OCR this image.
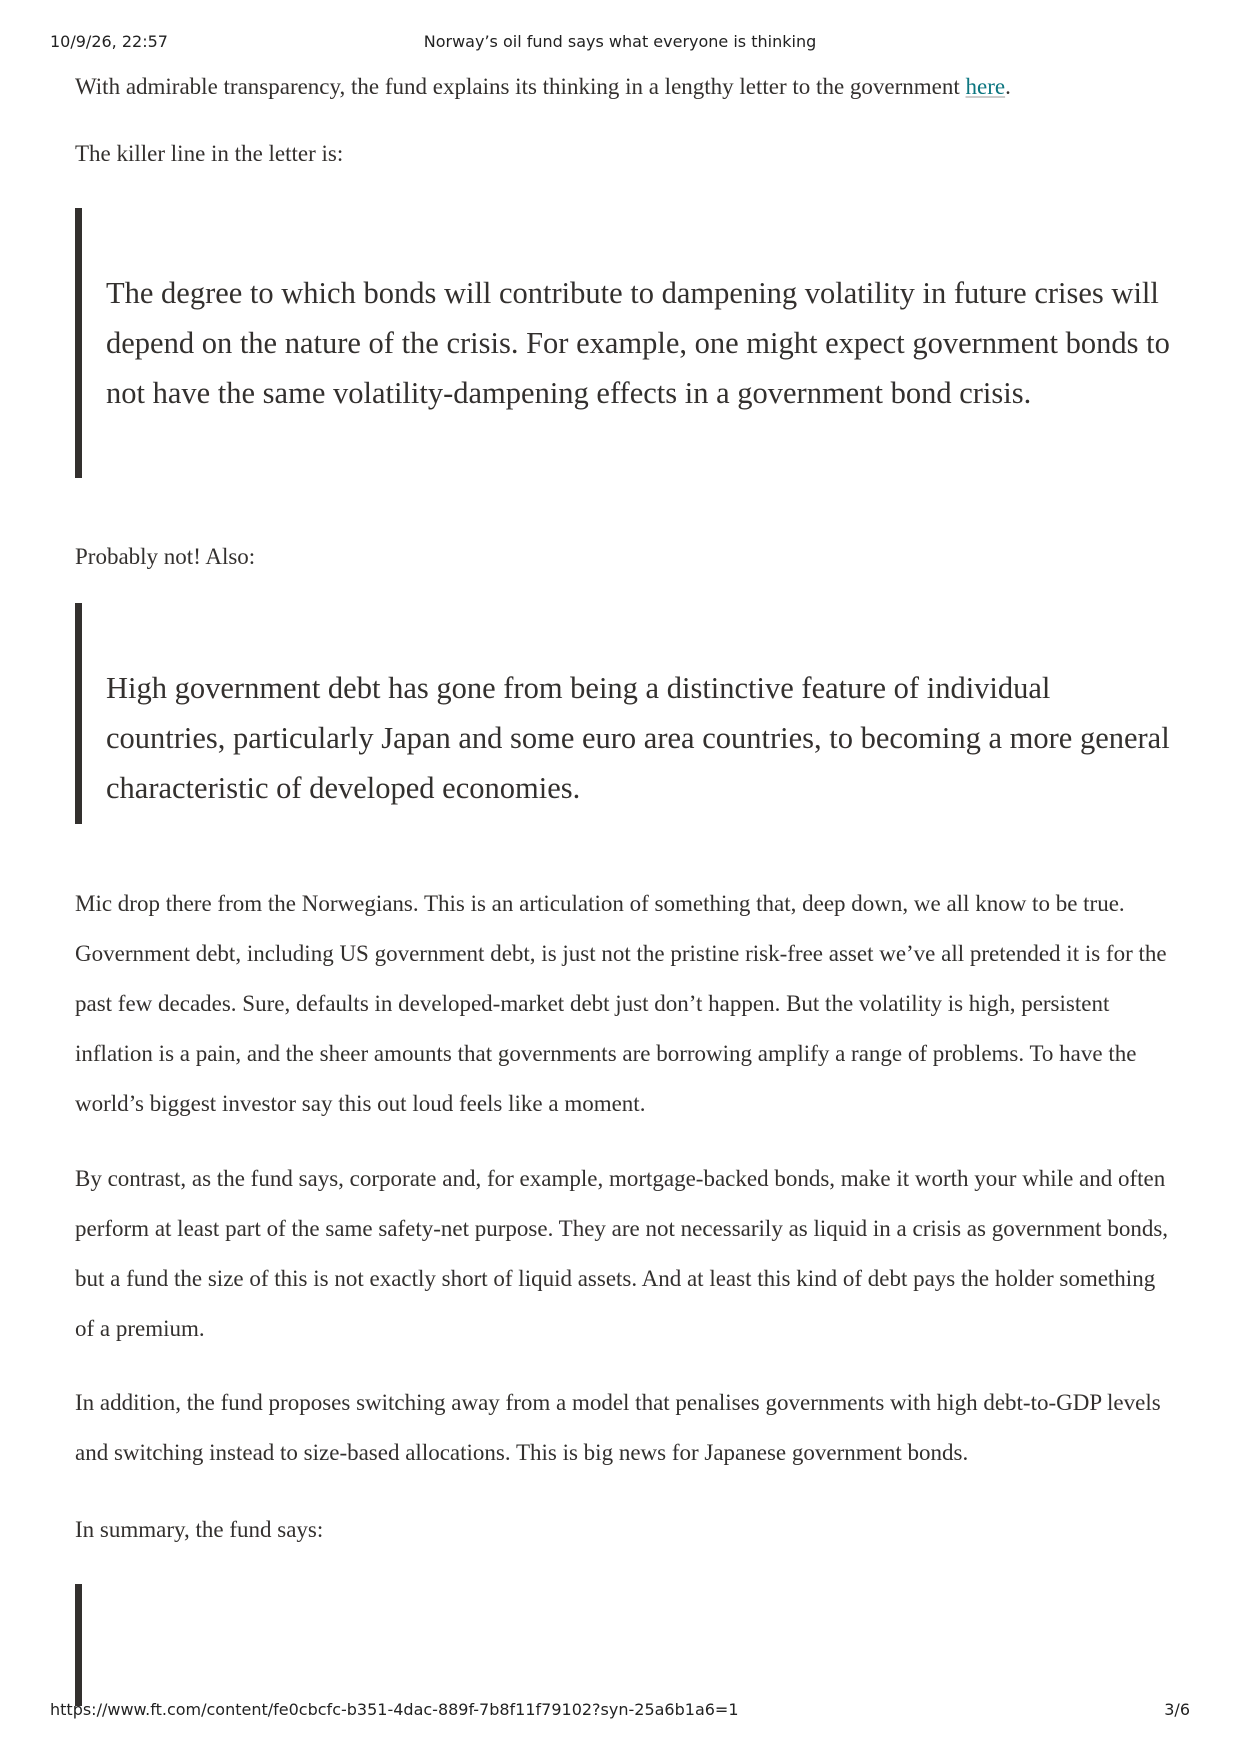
10/9/26, 22:57	Norway’s oil fund says what everyone is thinking

With admirable transparency, the fund explains its thinking in a lengthy letter to the government here.

The killer line in the letter is:

The degree to which bonds will contribute to dampening volatility in future crises will depend on the nature of the crisis. For example, one might expect government bonds to not have the same volatility-dampening effects in a government bond crisis.

Probably not! Also:

High government debt has gone from being a distinctive feature of individual countries, particularly Japan and some euro area countries, to becoming a more general characteristic of developed economies.

Mic drop there from the Norwegians. This is an articulation of something that, deep down, we all know to be true. Government debt, including US government debt, is just not the pristine risk-free asset we’ve all pretended it is for the past few decades. Sure, defaults in developed-market debt just don’t happen. But the volatility is high, persistent inflation is a pain, and the sheer amounts that governments are borrowing amplify a range of problems. To have the world’s biggest investor say this out loud feels like a moment.

By contrast, as the fund says, corporate and, for example, mortgage-backed bonds, make it worth your while and often perform at least part of the same safety-net purpose. They are not necessarily as liquid in a crisis as government bonds, but a fund the size of this is not exactly short of liquid assets. And at least this kind of debt pays the holder something of a premium.

In addition, the fund proposes switching away from a model that penalises governments with high debt-to-GDP levels and switching instead to size-based allocations. This is big news for Japanese government bonds.

In summary, the fund says:

https://www.ft.com/content/fe0cbcfc-b351-4dac-889f-7b8f11f79102?syn-25a6b1a6=1	3/6
